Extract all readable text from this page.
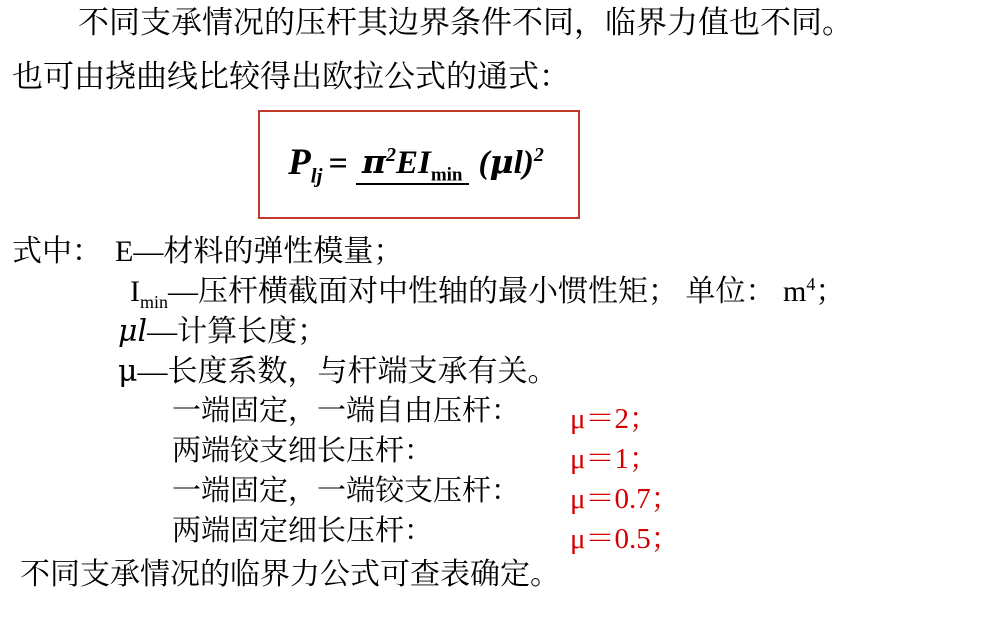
不同支承情况的压杆其边界条件不同，临界力值也不同。
也可由挠曲线比较得出欧拉公式的通式：
$P_{lj} = \pi^2EI_{min}$ $(\mu l)^2$
式中： E—材料的弹性模量；
$I_{min}—$压杆横截面对中性轴的最小惯性矩； 单位： $m^4$；
μl—计算长度；
μ—长度系数，与杆端支承有关。
一端固定，一端自由压杆： μ＝2；
两端铰支细长压杆：	μ＝1；
一端固定，一端铰支压杆： μ＝0.7；
两端固定细长压杆：	μ＝0.5；
不同支承情况的临界力公式可查表确定。
